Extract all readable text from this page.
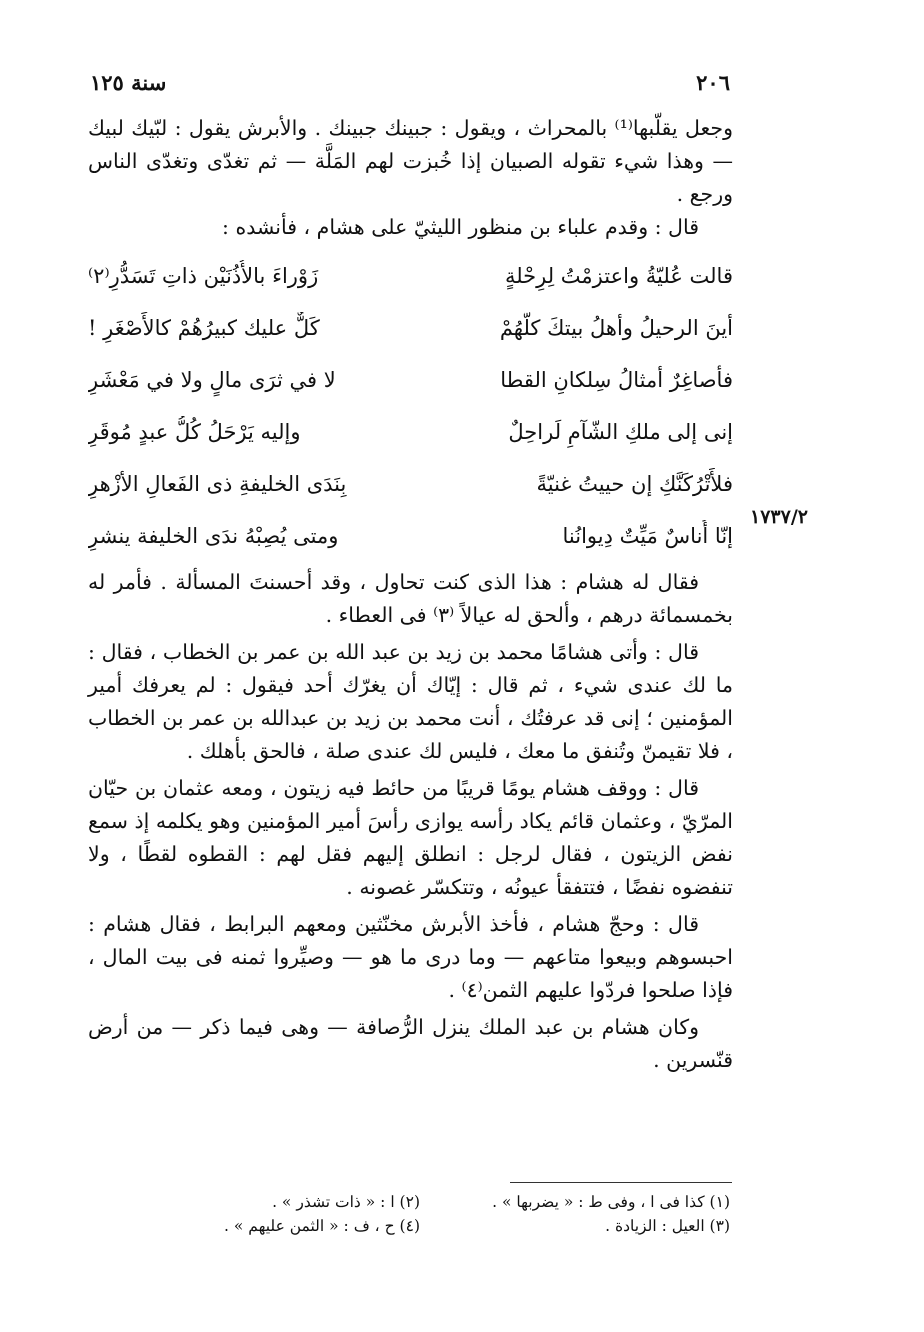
سنة ١٢٥	٢٠٦
١٧٣٧/٢

وجعل يقلّبها⁽¹⁾ بالمحراث ، ويقول : جبينك جبينك . والأبرش يقول : لبّيك لبيك — وهذا شيء تقوله الصبيان إذا خُبزت لهم المَلَّة — ثم تغدّى وتغدّى الناس ورجع .

قال : وقدم علباء بن منظور الليثيّ على هشام ، فأنشده :

قالت عُليّةُ واعتزمْتُ لِرِحْلةٍ
زَوْراءَ بالأُذُنَيْن ذاتِ تَسَدُّرِ⁽٢⁾
أينَ الرحيلُ وأهلُ بيتكَ كلُّهُمْ
كَلٌّ عليك كبيرُهُمْ كالأَصْغَرِ !
فأصاغِرٌ أمثالُ سِلكانِ القطا
لا في ثرَى مالٍ ولا في مَعْشَرِ
إنى إلى ملكِ الشّآمِ لَراحِلٌ
وإليه يَرْحَلُ كُلُّ عبدٍ مُوقَرِ
فلأَتْرُكَنَّكِ إن حييتُ غنيّةً
بِنَدَى الخليفةِ ذى الفَعالِ الأزْهرِ
إنّا أُناسٌ مَيِّتٌ دِيوانُنا
ومتى يُصِبْهُ ندَى الخليفة ينشرِ

فقال له هشام : هذا الذى كنت تحاول ، وقد أحسنتَ المسألة . فأمر له بخمسمائة درهم ، وألحق له عيالاً ⁽٣⁾ فى العطاء .

قال : وأتى هشامًا محمد بن زيد بن عبد الله بن عمر بن الخطاب ، فقال : ما لك عندى شيء ، ثم قال : إيّاك أن يغرّك أحد فيقول : لم يعرفك أمير المؤمنين ؛ إنى قد عرفتُك ، أنت محمد بن زيد بن عبدالله بن عمر بن الخطاب ، فلا تقيمنّ وتُنفق ما معك ، فليس لك عندى صلة ، فالحق بأهلك .

قال : ووقف هشام يومًا قريبًا من حائط فيه زيتون ، ومعه عثمان بن حيّان المرّيّ ، وعثمان قائم يكاد رأسه يوازى رأسَ أمير المؤمنين وهو يكلمه إذ سمع نفض الزيتون ، فقال لرجل : انطلق إليهم فقل لهم : القطوه لقطًا ، ولا تنفضوه نفضًا ، فتتفقأ عيونُه ، وتتكسّر غصونه .

قال : وحجّ هشام ، فأخذ الأبرش مخنّثين ومعهم البرابط ، فقال هشام : احبسوهم وبيعوا متاعهم — وما درى ما هو — وصيِّروا ثمنه فى بيت المال ، فإذا صلحوا فردّوا عليهم الثمن⁽٤⁾ .

وكان هشام بن عبد الملك ينزل الرُّصافة — وهى فيما ذكر — من أرض قنّسرين .

(١) كذا فى ا ، وفى ط : « يضربها » .
(٢) ا : « ذات تشذر » .
(٣) العيل : الزيادة .
(٤) ح ، ف : « الثمن عليهم » .
